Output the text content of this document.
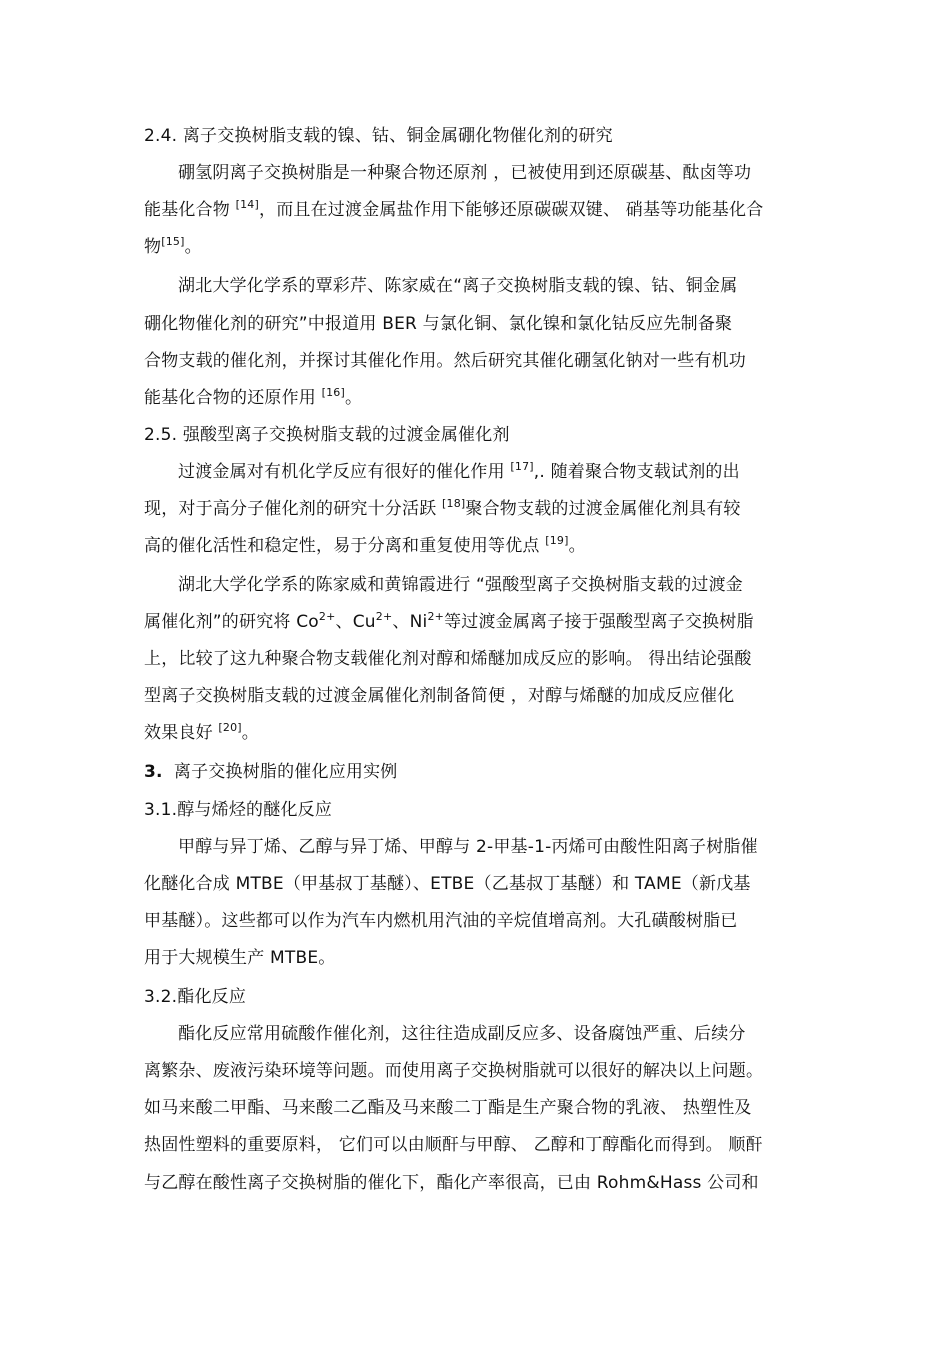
2.4. 离子交换树脂支载的镍、钴、铜金属硼化物催化剂的研究
硼氢阴离子交换树脂是一种聚合物还原剂 ，已被使用到还原碳基、酞卤等功
能基化合物 [14]，而且在过渡金属盐作用下能够还原碳碳双键、 硝基等功能基化合
物[15]。
湖北大学化学系的覃彩芹、陈家威在“离子交换树脂支载的镍、钴、铜金属
硼化物催化剂的研究”中报道用 BER 与氯化铜、氯化镍和氯化钴反应先制备聚
合物支载的催化剂，并探讨其催化作用。然后研究其催化硼氢化钠对一些有机功
能基化合物的还原作用 [16]。
2.5. 强酸型离子交换树脂支载的过渡金属催化剂
过渡金属对有机化学反应有很好的催化作用 [17],. 随着聚合物支载试剂的出
现，对于高分子催化剂的研究十分活跃 [18]聚合物支载的过渡金属催化剂具有较
高的催化活性和稳定性，易于分离和重复使用等优点 [19]。
湖北大学化学系的陈家威和黄锦霞进行 “强酸型离子交换树脂支载的过渡金
属催化剂”的研究将 $Co^{2+}$、$Cu^{2+}$、$Ni^{2+}$等过渡金属离子接于强酸型离子交换树脂
上，比较了这九种聚合物支载催化剂对醇和烯醚加成反应的影响。 得出结论强酸
型离子交换树脂支载的过渡金属催化剂制备简便 ，对醇与烯醚的加成反应催化
效果良好 [20]。
3. 离子交换树脂的催化应用实例
3.1.醇与烯烃的醚化反应
甲醇与异丁烯、乙醇与异丁烯、甲醇与 2-甲基-1-丙烯可由酸性阳离子树脂催
化醚化合成 MTBE（甲基叔丁基醚）、ETBE（乙基叔丁基醚）和 TAME（新戊基
甲基醚）。这些都可以作为汽车内燃机用汽油的辛烷值增高剂。大孔磺酸树脂已
用于大规模生产 MTBE。
3.2.酯化反应
酯化反应常用硫酸作催化剂，这往往造成副反应多、设备腐蚀严重、后续分
离繁杂、废液污染环境等问题。而使用离子交换树脂就可以很好的解决以上问题。
如马来酸二甲酯、马来酸二乙酯及马来酸二丁酯是生产聚合物的乳液、 热塑性及
热固性塑料的重要原料， 它们可以由顺酐与甲醇、 乙醇和丁醇酯化而得到。 顺酐
与乙醇在酸性离子交换树脂的催化下，酯化产率很高，已由 Rohm&Hass 公司和
